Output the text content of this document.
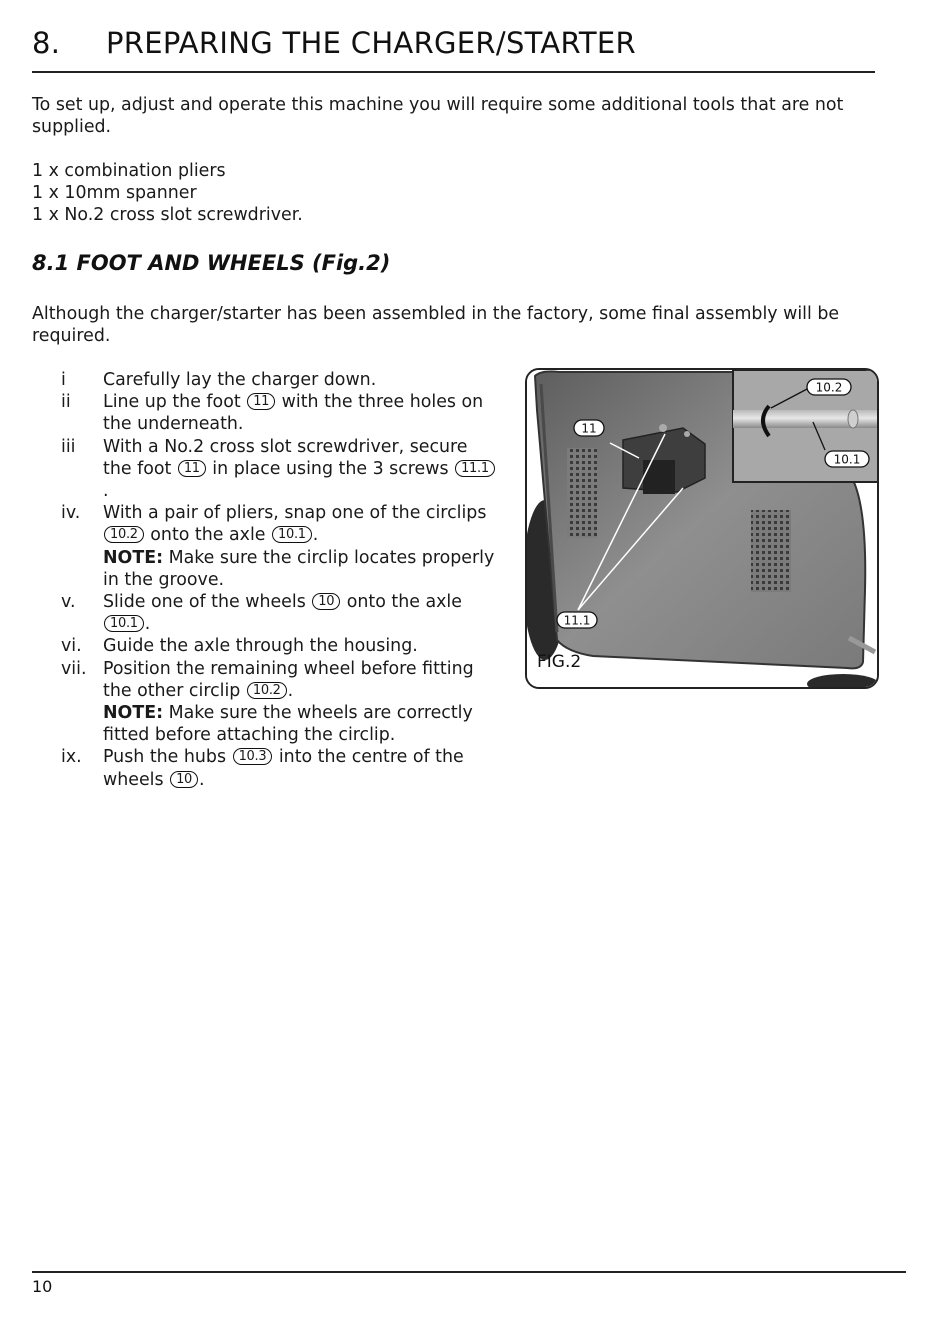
8. PREPARING THE CHARGER/STARTER
To set up, adjust and operate this machine you will require some additional tools that are not supplied.
1 x combination pliers
1 x 10mm spanner
1 x No.2 cross slot screwdriver.
8.1 FOOT AND WHEELS (Fig.2)
Although the charger/starter has been assembled in the factory, some final assembly will be required.
i	Carefully lay the charger down.
ii	Line up the foot 11 with the three holes on the underneath.
iii	With a No.2 cross slot screwdriver, secure the foot 11 in place using the 3 screws 11.1.
iv.	With a pair of pliers, snap one of the circlips 10.2 onto the axle 10.1 .
NOTE: Make sure the circlip locates properly in the groove.
v.	Slide one of the wheels 10 onto the axle 10.1 .
vi.	Guide the axle through the housing.
vii. Position the remaining wheel before fitting the other circlip 10.2 .
NOTE: Make sure the wheels are correctly fitted before attaching the circlip.
ix.	Push the hubs 10.3 into the centre of the wheels 10 .
11
11.1
10.2
10.1
FIG.2
10
